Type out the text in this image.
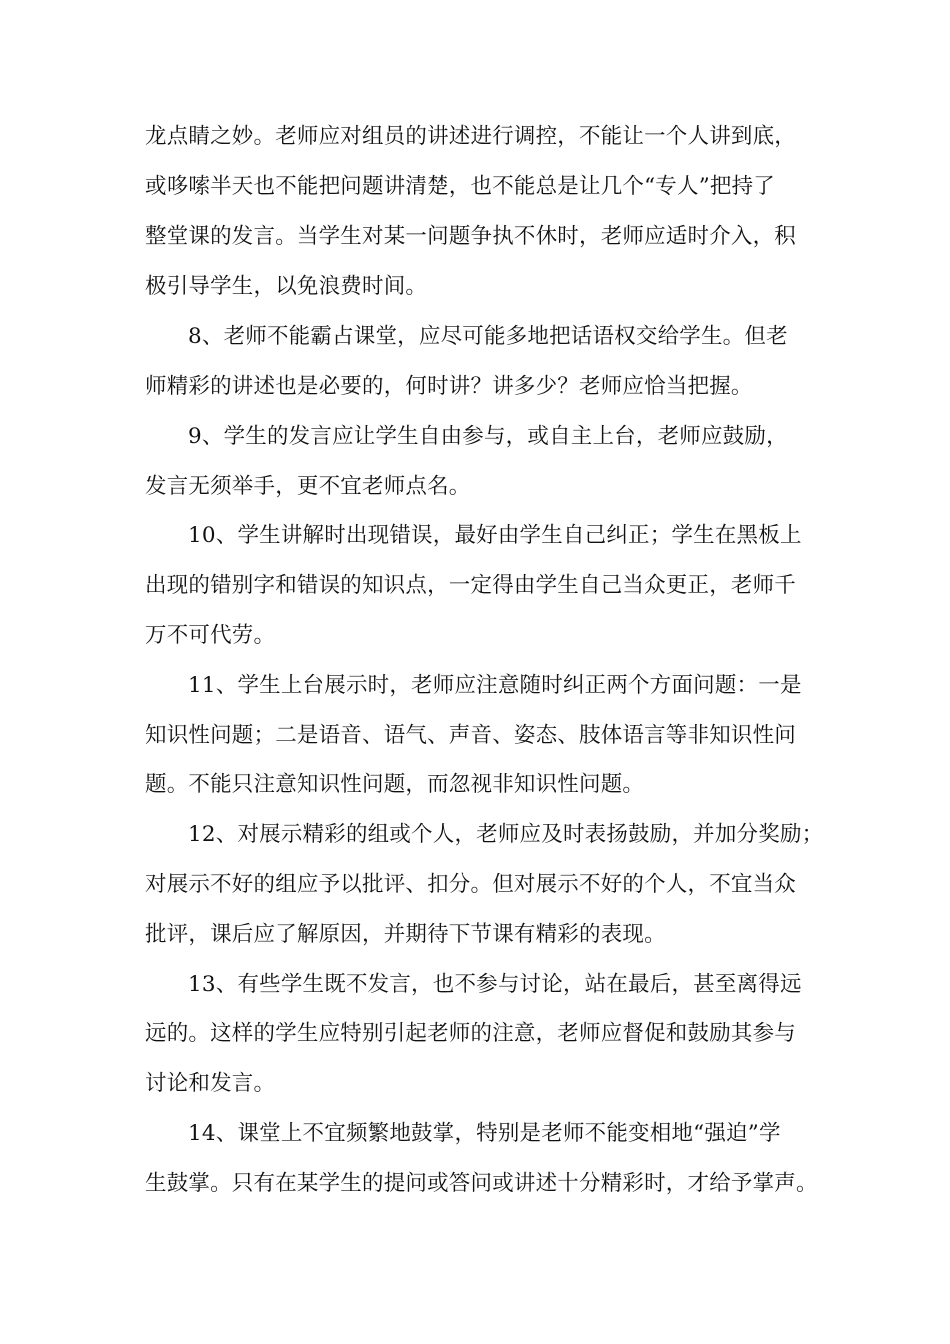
龙点睛之妙。老师应对组员的讲述进行调控，不能让一个人讲到底，
或哆嗦半天也不能把问题讲清楚，也不能总是让几个“专人”把持了
整堂课的发言。当学生对某一问题争执不休时，老师应适时介入，积
极引导学生，以免浪费时间。
8、老师不能霸占课堂，应尽可能多地把话语权交给学生。但老
师精彩的讲述也是必要的，何时讲？讲多少？老师应恰当把握。
9、学生的发言应让学生自由参与，或自主上台，老师应鼓励，
发言无须举手，更不宜老师点名。
10、学生讲解时出现错误，最好由学生自己纠正；学生在黑板上
出现的错别字和错误的知识点，一定得由学生自己当众更正，老师千
万不可代劳。
11、学生上台展示时，老师应注意随时纠正两个方面问题：一是
知识性问题；二是语音、语气、声音、姿态、肢体语言等非知识性问
题。不能只注意知识性问题，而忽视非知识性问题。
12、对展示精彩的组或个人，老师应及时表扬鼓励，并加分奖励；
对展示不好的组应予以批评、扣分。但对展示不好的个人，不宜当众
批评，课后应了解原因，并期待下节课有精彩的表现。
13、有些学生既不发言，也不参与讨论，站在最后，甚至离得远
远的。这样的学生应特别引起老师的注意，老师应督促和鼓励其参与
讨论和发言。
14、课堂上不宜频繁地鼓掌，特别是老师不能变相地“强迫”学
生鼓掌。只有在某学生的提问或答问或讲述十分精彩时，才给予掌声。
